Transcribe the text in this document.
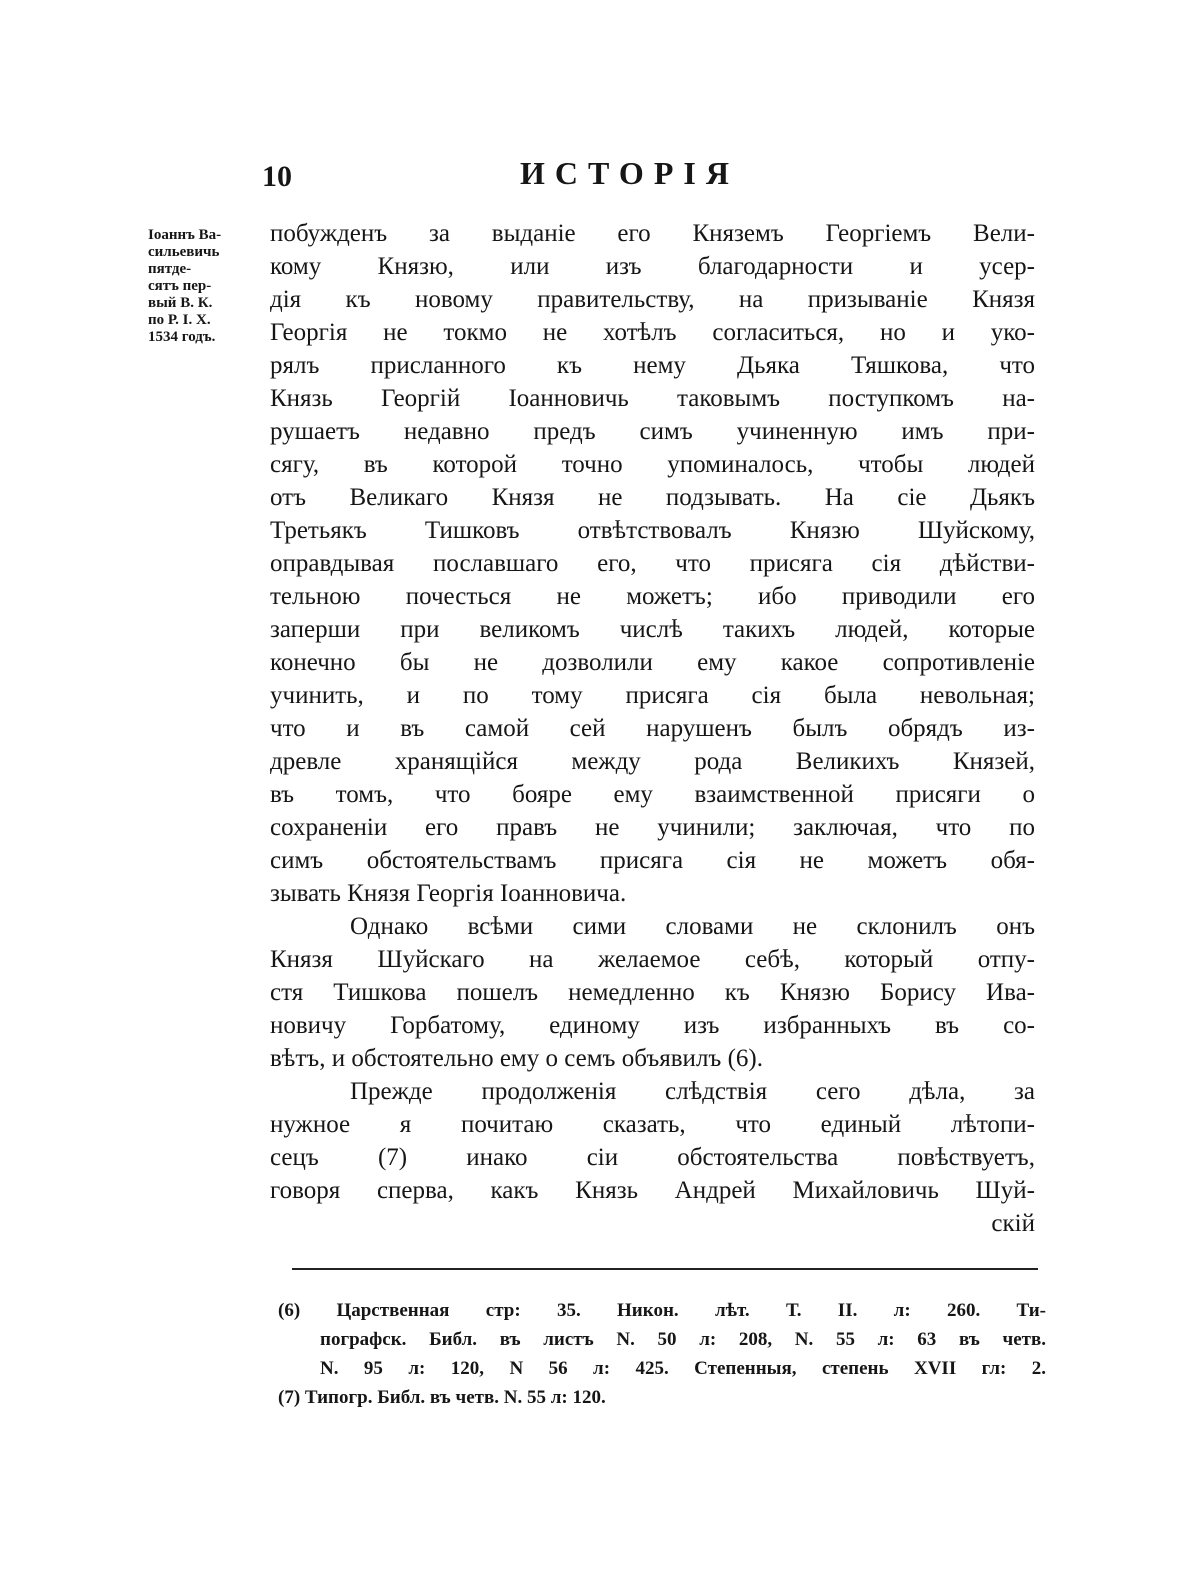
10	ИСТОРІЯ
Іоаннъ Ва-
сильевичь
пятде-
сятъ пер-
вый В. К.
по Р. І. Х.
1534 годъ.
побужденъ за выданіе его Княземъ Георгіемъ Вели-
кому Князю, или изъ благодарности и усер-
дія къ новому правительству, на призываніе Князя
Георгія не токмо не хотѣлъ согласиться, но и уко-
рялъ присланного къ нему Дьяка Тяшкова, что
Князь Георгій Іоанновичь таковымъ поступкомъ на-
рушаетъ недавно предъ симъ учиненную имъ при-
сягу, въ которой точно упоминалось, чтобы людей
отъ Великаго Князя не подзывать. На сіе Дьякъ
Третьякъ Тишковъ отвѣтствовалъ Князю Шуйскому,
оправдывая пославшаго его, что присяга сія дѣйстви-
тельною почесться не можетъ; ибо приводили его
заперши при великомъ числѣ такихъ людей, которые
конечно бы не дозволили ему какое сопротивленіе
учинить, и по тому присяга сія была невольная;
что и въ самой сей нарушенъ былъ обрядъ из-
древле хранящійся между рода Великихъ Князей,
въ томъ, что бояре ему взаимственной присяги о
сохраненіи его правъ не учинили; заключая, что по
симъ обстоятельствамъ присяга сія не можетъ обя-
зывать Князя Георгія Іоанновича.
Однако всѣми сими словами не склонилъ онъ
Князя Шуйскаго на желаемое себѣ, который отпу-
стя Тишкова пошелъ немедленно къ Князю Борису Ива-
новичу Горбатому, единому изъ избранныхъ въ со-
вѣтъ, и обстоятельно ему о семъ объявилъ (6).
Прежде продолженія слѣдствія сего дѣла, за
нужное я почитаю сказать, что единый лѣтопи-
сецъ (7) инако сіи обстоятельства повѣствуетъ,
говоря сперва, какъ Князь Андрей Михайловичь Шуй-
скій
(6) Царственная стр: 35. Никон. лѣт. Т. II. л: 260. Ти-
пографск. Библ. въ листъ N. 50 л: 208, N. 55 л: 63 въ четв.
N. 95 л: 120, N 56 л: 425. Степенныя, степень XVII гл: 2.
(7) Типогр. Библ. въ четв. N. 55 л: 120.
